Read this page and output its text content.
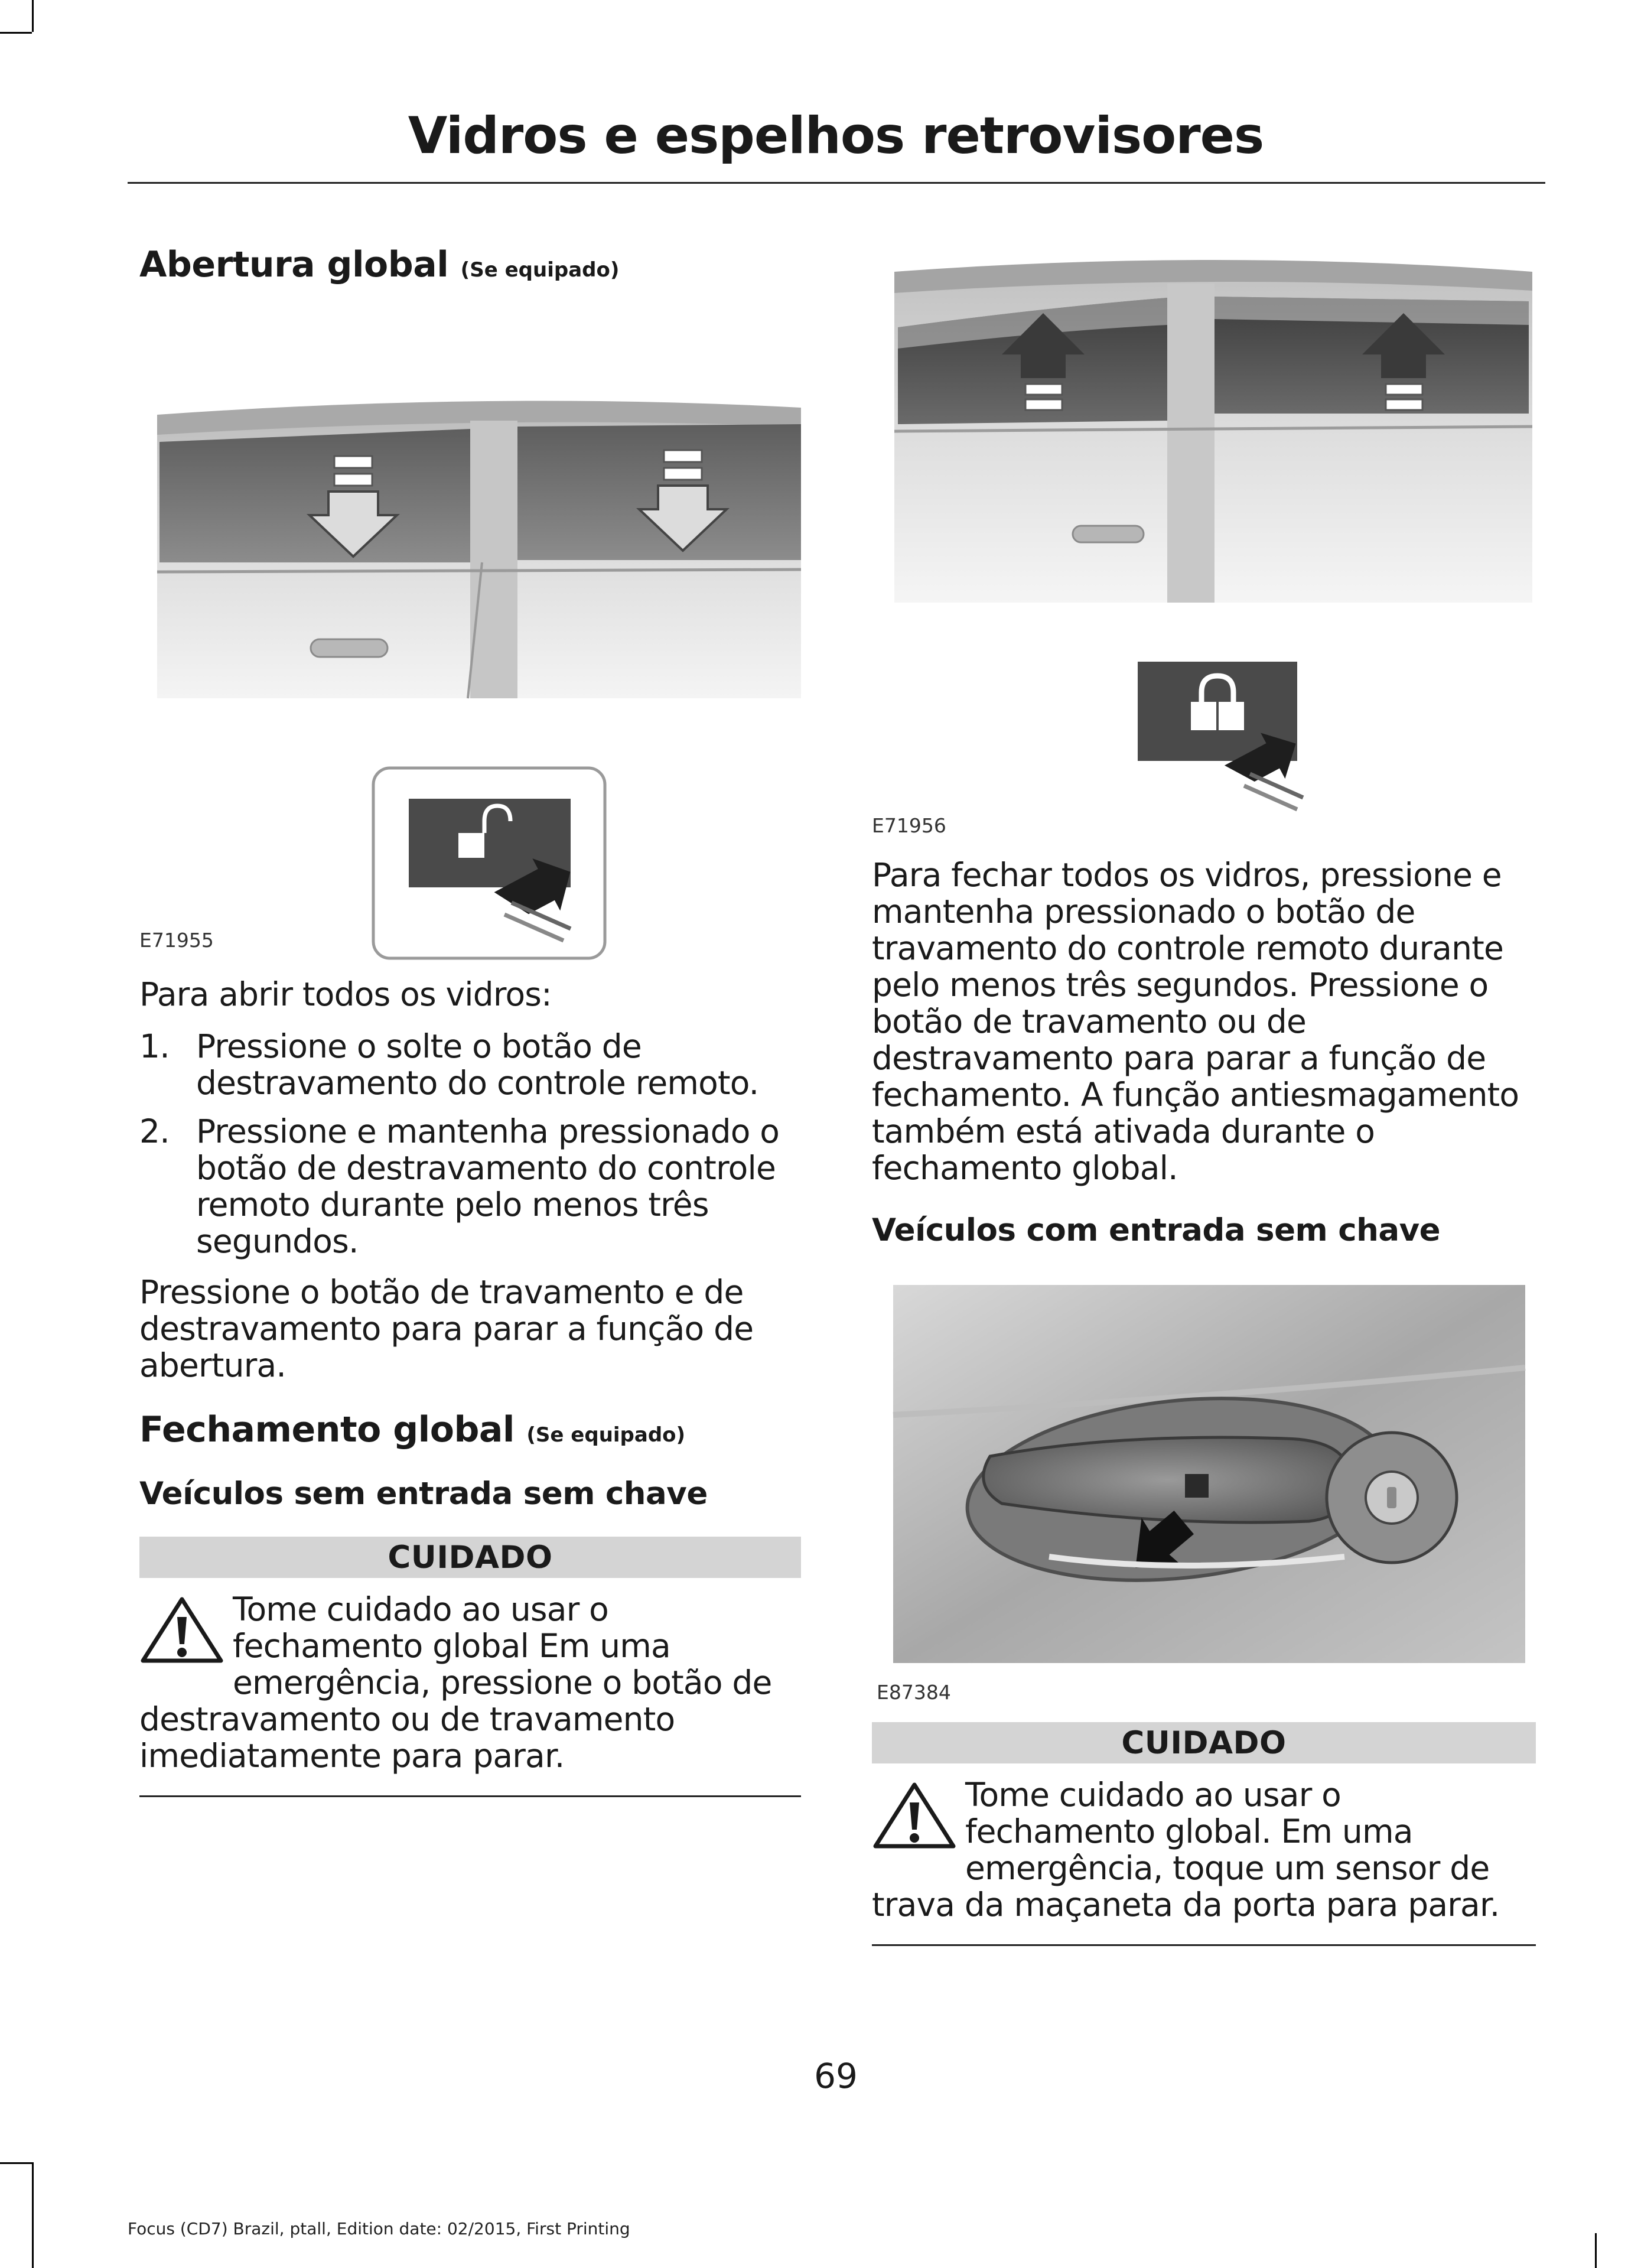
Vidros e espelhos retrovisores
Abertura global (Se equipado)

E71955

Para abrir todos os vidros:

1. Pressione o solte o botão de destravamento do controle remoto.
2. Pressione e mantenha pressionado o botão de destravamento do controle remoto durante pelo menos três segundos.

Pressione o botão de travamento e de destravamento para parar a função de abertura.

Fechamento global (Se equipado)
Veículos sem entrada sem chave
CUIDADO
Tome cuidado ao usar o fechamento global Em uma emergência, pressione o botão de destravamento ou de travamento imediatamente para parar.

E71956

Para fechar todos os vidros, pressione e mantenha pressionado o botão de travamento do controle remoto durante pelo menos três segundos. Pressione o botão de travamento ou de destravamento para parar a função de fechamento. A função antiesmagamento também está ativada durante o fechamento global.

Veículos com entrada sem chave

E87384

CUIDADO
Tome cuidado ao usar o fechamento global. Em uma emergência, toque um sensor de trava da maçaneta da porta para parar.
69
Focus (CD7) Brazil, ptall, Edition date: 02/2015, First Printing
